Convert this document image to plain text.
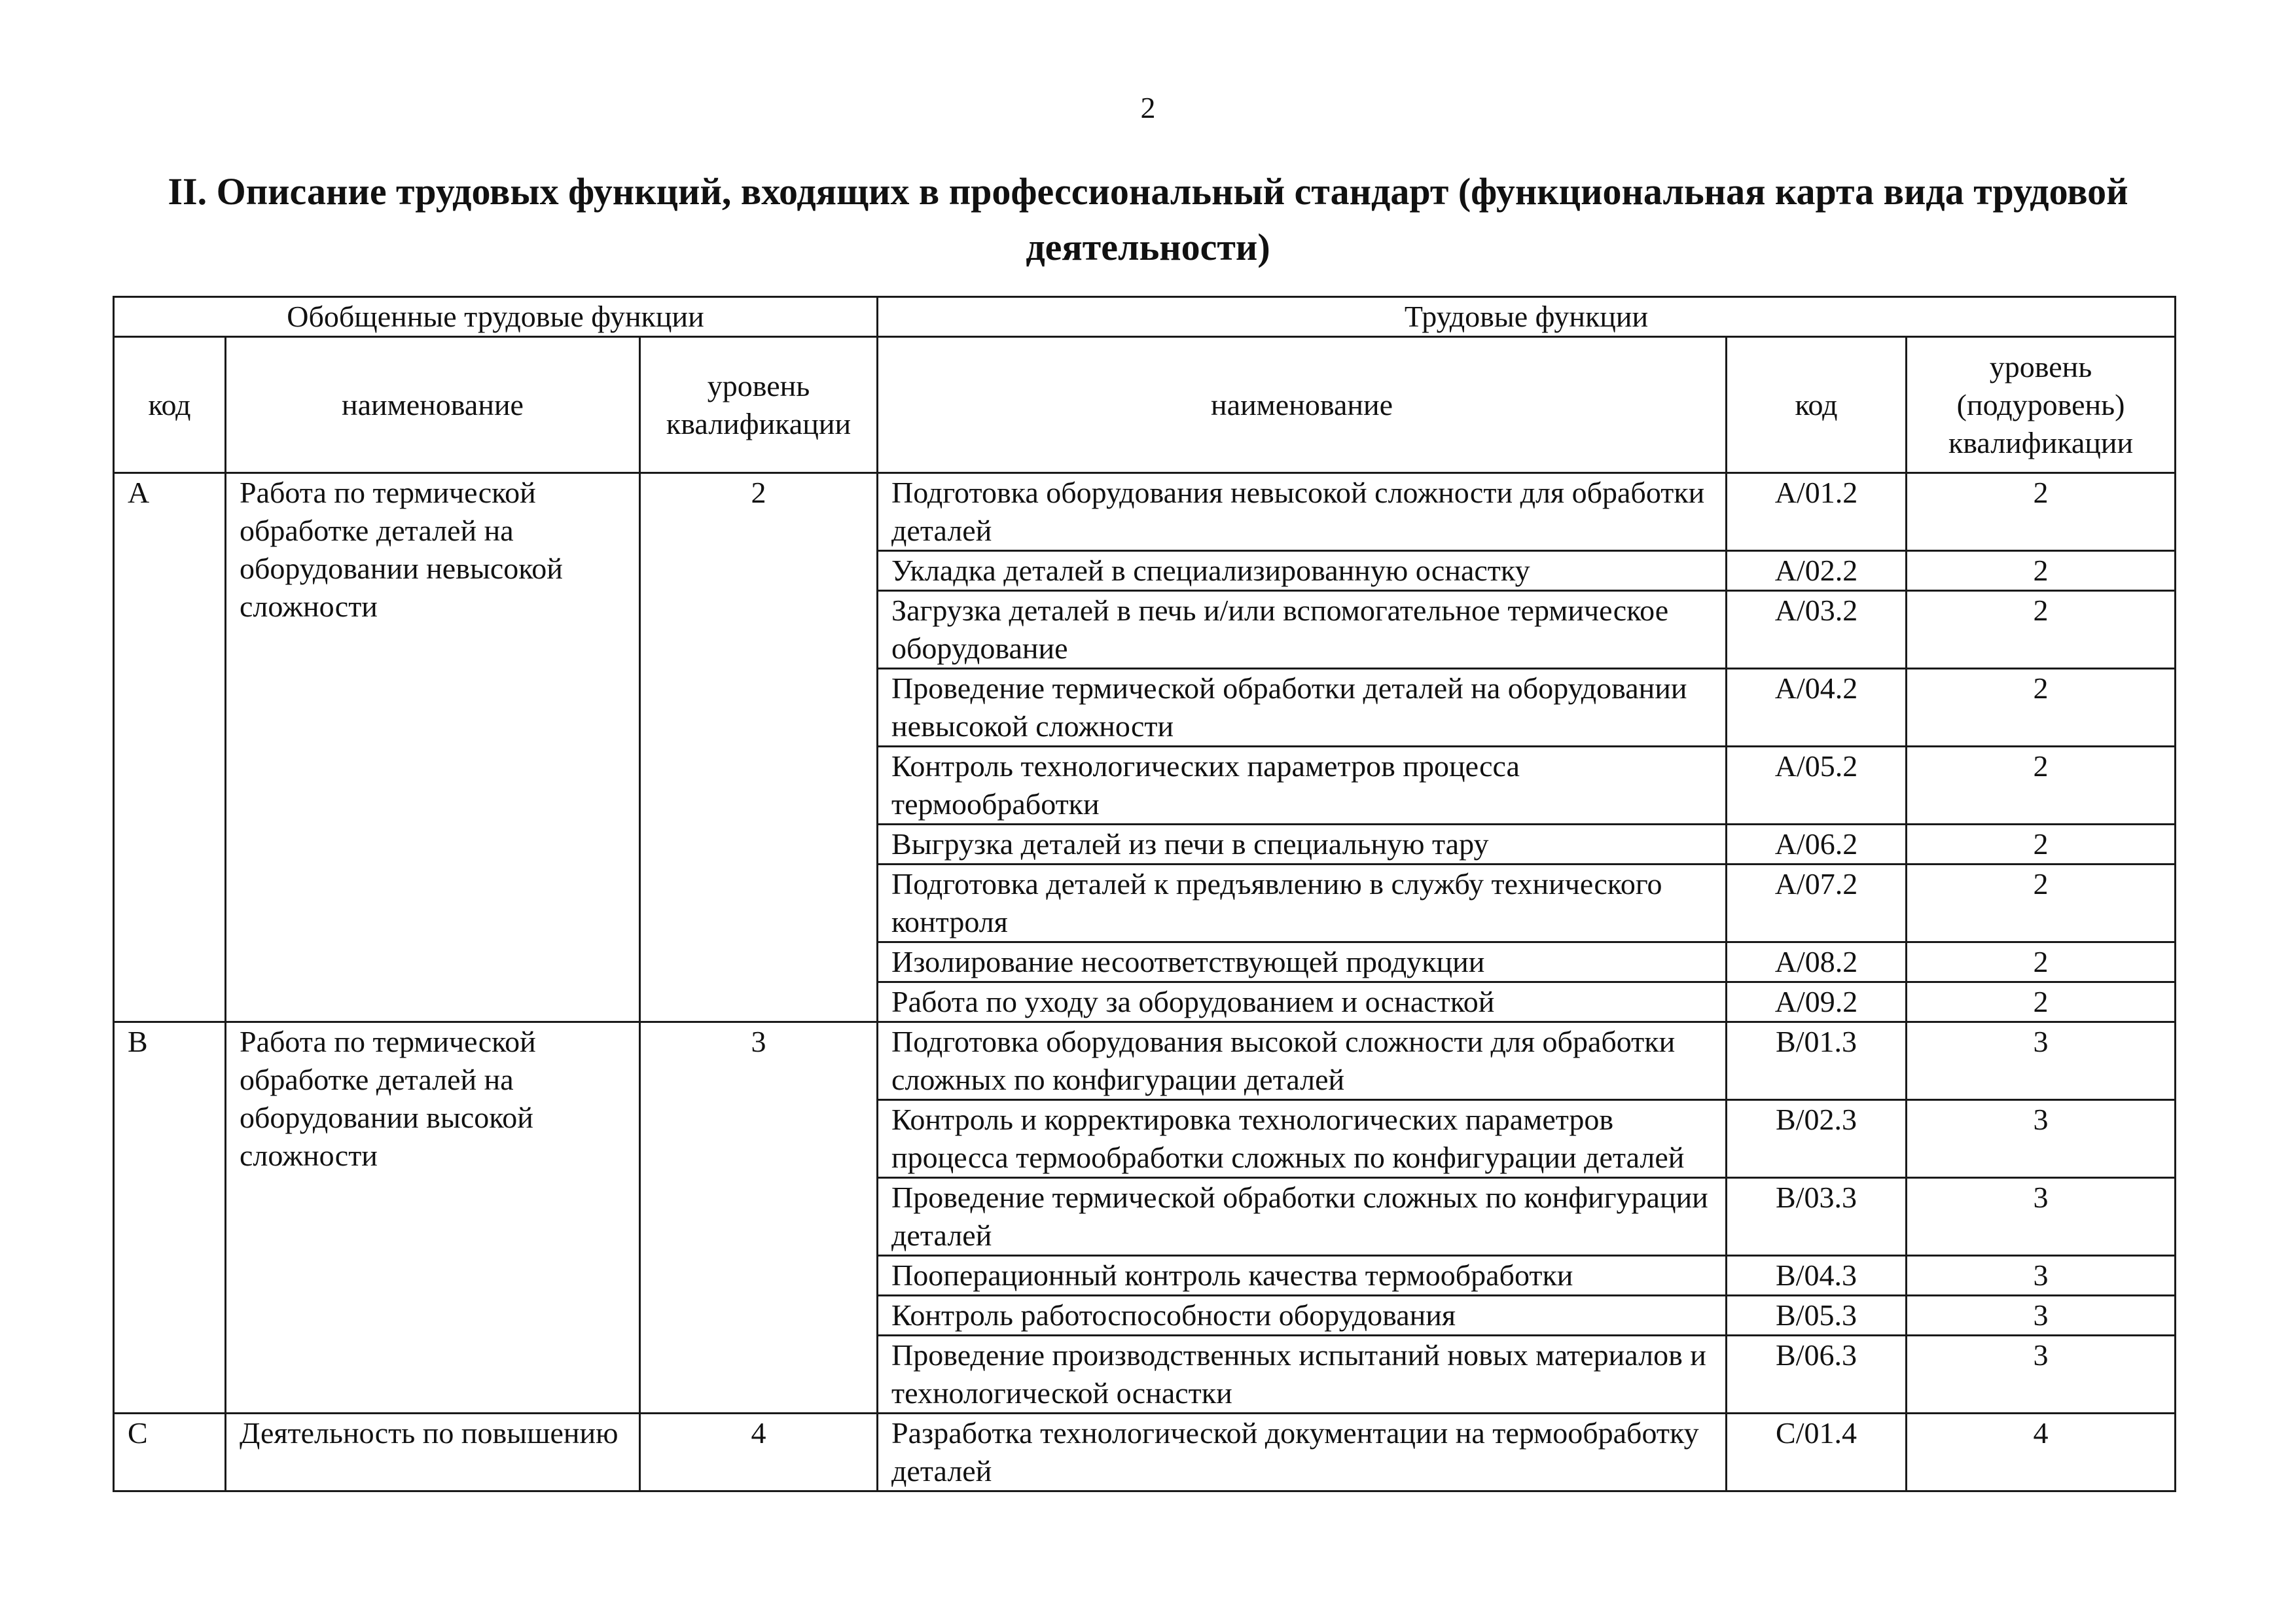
2
II. Описание трудовых функций, входящих в профессиональный стандарт (функциональная карта вида трудовой деятельности)
Обобщенные трудовые функции			Трудовые функции		
код	наименование	уровень квалификации	наименование	код	уровень (подуровень) квалификации
A	Работа по термической обработке деталей на оборудовании невысокой сложности	2	Подготовка оборудования невысокой сложности для обработки деталей	A/01.2	2
			Укладка деталей в специализированную оснастку	A/02.2	2
			Загрузка деталей в печь и/или вспомогательное термическое оборудование	A/03.2	2
			Проведение термической обработки деталей на оборудовании невысокой сложности	A/04.2	2
			Контроль технологических параметров процесса термообработки	A/05.2	2
			Выгрузка деталей из печи в специальную тару	A/06.2	2
			Подготовка деталей к предъявлению в службу технического контроля	A/07.2	2
			Изолирование несоответствующей продукции	A/08.2	2
			Работа по уходу за оборудованием и оснасткой	A/09.2	2
B	Работа по термической обработке деталей на оборудовании высокой сложности	3	Подготовка оборудования высокой сложности для обработки сложных по конфигурации деталей	B/01.3	3
			Контроль и корректировка технологических параметров процесса термообработки сложных по конфигурации деталей	B/02.3	3
			Проведение термической обработки сложных по конфигурации деталей	B/03.3	3
			Пооперационный контроль качества термообработки	B/04.3	3
			Контроль работоспособности оборудования	B/05.3	3
			Проведение производственных испытаний новых материалов и технологической оснастки	B/06.3	3
C	Деятельность по повышению	4	Разработка технологической документации на термообработку деталей	C/01.4	4
